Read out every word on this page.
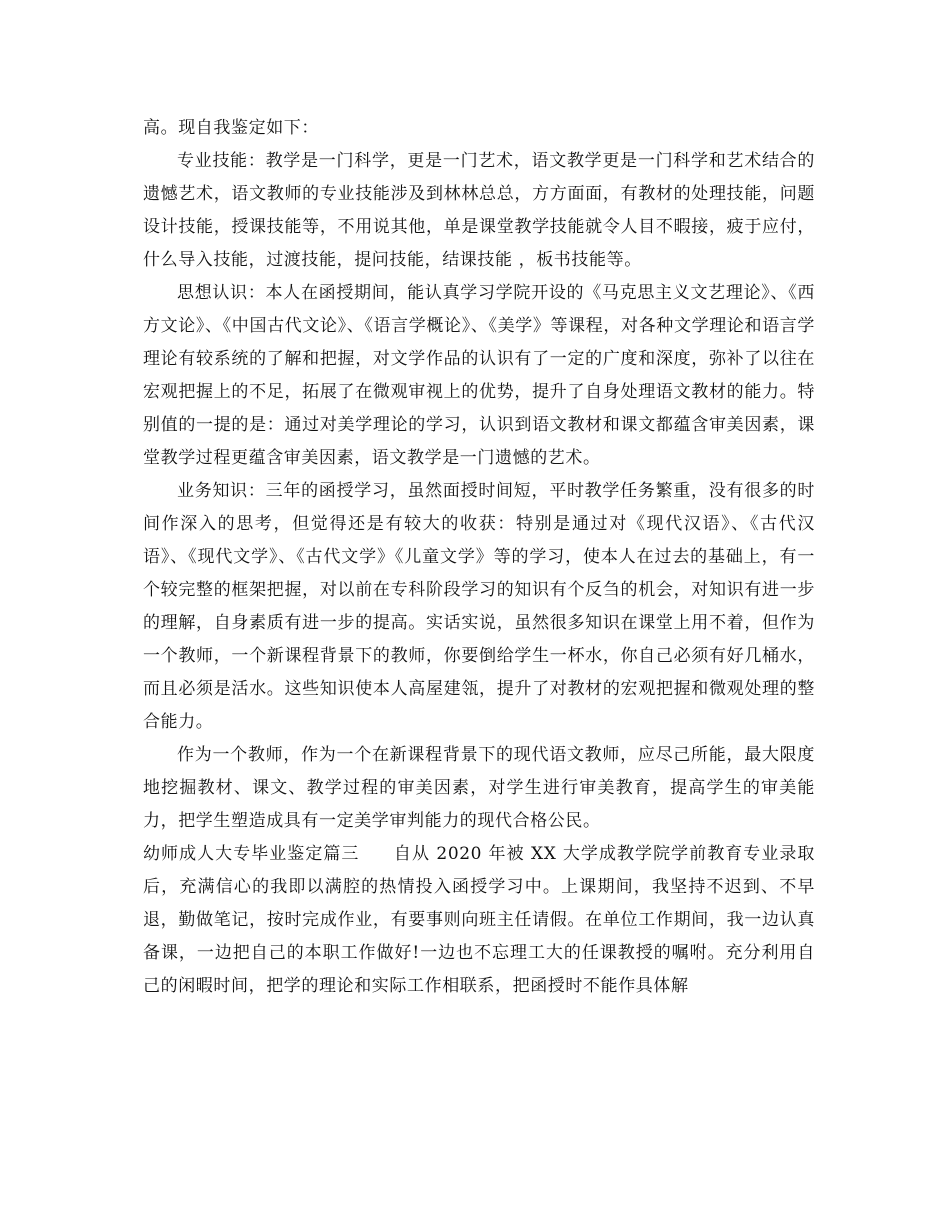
高。现自我鉴定如下：

专业技能：教学是一门科学，更是一门艺术，语文教学更是一门科学和艺术结合的遗憾艺术，语文教师的专业技能涉及到林林总总，方方面面，有教材的处理技能，问题设计技能，授课技能等，不用说其他，单是课堂教学技能就令人目不暇接，疲于应付，什么导入技能，过渡技能，提问技能，结课技能 ，板书技能等。

思想认识：本人在函授期间，能认真学习学院开设的《马克思主义文艺理论》、《西方文论》、《中国古代文论》、《语言学概论》、《美学》等课程，对各种文学理论和语言学理论有较系统的了解和把握，对文学作品的认识有了一定的广度和深度，弥补了以往在宏观把握上的不足，拓展了在微观审视上的优势，提升了自身处理语文教材的能力。特别值的一提的是：通过对美学理论的学习，认识到语文教材和课文都蕴含审美因素，课堂教学过程更蕴含审美因素，语文教学是一门遗憾的艺术。

业务知识：三年的函授学习，虽然面授时间短，平时教学任务繁重，没有很多的时间作深入的思考，但觉得还是有较大的收获：特别是通过对《现代汉语》、《古代汉语》、《现代文学》、《古代文学》《儿童文学》等的学习，使本人在过去的基础上，有一个较完整的框架把握，对以前在专科阶段学习的知识有个反刍的机会，对知识有进一步的理解，自身素质有进一步的提高。实话实说，虽然很多知识在课堂上用不着，但作为一个教师，一个新课程背景下的教师，你要倒给学生一杯水，你自己必须有好几桶水，而且必须是活水。这些知识使本人高屋建瓴，提升了对教材的宏观把握和微观处理的整合能力。

作为一个教师，作为一个在新课程背景下的现代语文教师，应尽己所能，最大限度地挖掘教材、课文、教学过程的审美因素，对学生进行审美教育，提高学生的审美能力，把学生塑造成具有一定美学审判能力的现代合格公民。

幼师成人大专毕业鉴定篇三 自从 2020 年被 XX 大学成教学院学前教育专业录取后，充满信心的我即以满腔的热情投入函授学习中。上课期间，我坚持不迟到、不早退，勤做笔记，按时完成作业，有要事则向班主任请假。在单位工作期间，我一边认真备课，一边把自己的本职工作做好!一边也不忘理工大的任课教授的嘱咐。充分利用自己的闲暇时间，把学的理论和实际工作相联系，把函授时不能作具体解
